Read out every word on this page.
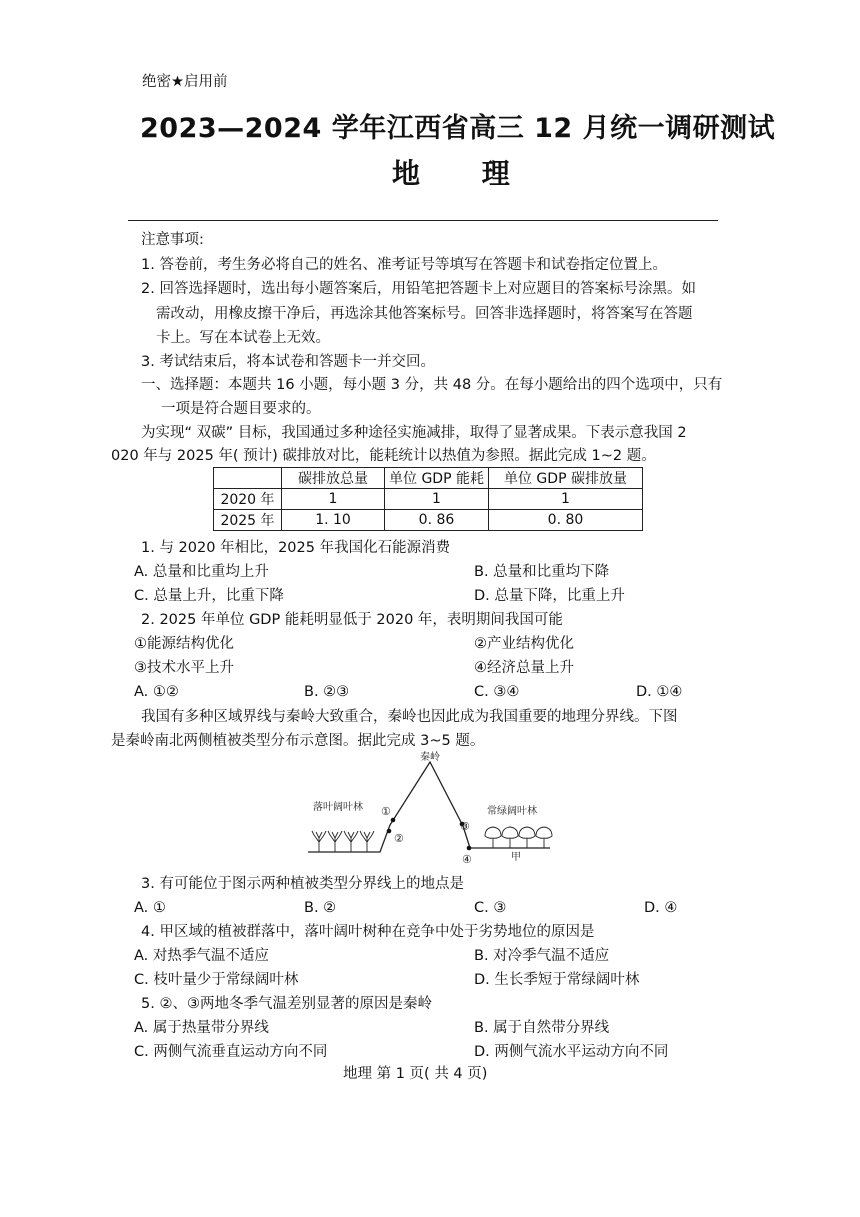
绝密★启用前
2023—2024 学年江西省高三 12 月统一调研测试
地 理
注意事项:
1. 答卷前，考生务必将自己的姓名、准考证号等填写在答题卡和试卷指定位置上。
2. 回答选择题时，选出每小题答案后，用铅笔把答题卡上对应题目的答案标号涂黑。如
需改动，用橡皮擦干净后，再选涂其他答案标号。回答非选择题时，将答案写在答题
卡上。写在本试卷上无效。
3. 考试结束后，将本试卷和答题卡一并交回。
一、选择题：本题共 16 小题，每小题 3 分，共 48 分。在每小题给出的四个选项中，只有
一项是符合题目要求的。
为实现“ 双碳” 目标，我国通过多种途径实施减排，取得了显著成果。下表示意我国 2
020 年与 2025 年( 预计) 碳排放对比，能耗统计以热值为参照。据此完成 1~2 题。
	碳排放总量	单位 GDP 能耗	单位 GDP 碳排放量
2020 年	1	1	1
2025 年	1. 10	0. 86	0. 80
1. 与 2020 年相比，2025 年我国化石能源消费
A. 总量和比重均上升	B. 总量和比重均下降
C. 总量上升，比重下降	D. 总量下降，比重上升
2. 2025 年单位 GDP 能耗明显低于 2020 年，表明期间我国可能
①能源结构优化	②产业结构优化
③技术水平上升	④经济总量上升
A. ①②	B. ②③	C. ③④	D. ①④
我国有多种区域界线与秦岭大致重合，秦岭也因此成为我国重要的地理分界线。下图
是秦岭南北两侧植被类型分布示意图。据此完成 3~5 题。
秦岭
落叶阔叶林	常绿阔叶林
①
②
③
④	甲
3. 有可能位于图示两种植被类型分界线上的地点是
A. ①	B. ②	C. ③	D. ④
4. 甲区域的植被群落中，落叶阔叶树种在竞争中处于劣势地位的原因是
A. 对热季气温不适应	B. 对冷季气温不适应
C. 枝叶量少于常绿阔叶林	D. 生长季短于常绿阔叶林
5. ②、③两地冬季气温差别显著的原因是秦岭
A. 属于热量带分界线	B. 属于自然带分界线
C. 两侧气流垂直运动方向不同	D. 两侧气流水平运动方向不同
地理 第 1 页( 共 4 页)
